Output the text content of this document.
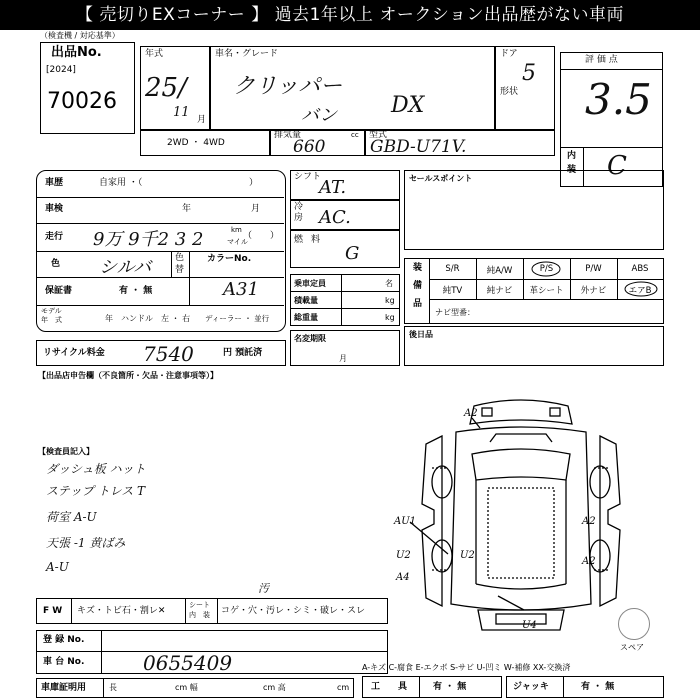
【 売切りEXコーナー 】 過去1年以上 オークション出品歴がない車両
（検査機 / 対応基準）
出品No.
[2024]
70026
年式
25/
11 月
車名・グレード
クリッパー
バン DX
ドア
5
形状
評 価 点
3.5
内
装 C
2WD ・ 4WD
排気量	cc
660
型式
GBD-U71V.
車歴	自家用 ・（	）
車検	年	月
走行 9万 9千2 3 2	km
マイル
（　　）
色 シルバ	色
替
カラーNo.
保証書	有 ・ 無	A31
モデル
年　式	年 ハンドル　左 ・ 右 ディーラー ・ 並行
リサイクル料金 7540	円 預託済
【出品店申告欄（不良箇所・欠品・注意事項等）】
【検査員記入】
ダッシュ板 ハット
ステップ トレス T
荷室 A-U
天張 -1 黄ばみ
A-U
シフト
AT.
冷
房 AC.
燃 料
G
乗車定員	名
積載量	kg
総重量	kg
名変期限
月
セールスポイント
装
備
品
S/R	純A/W	P/S	P/W	ABS
純TV	純ナビ	革シート	外ナビ	エアB
ナビ型番：
後日品
A2
AU1	A2
U2	U2
A4
A2
U4
スペア
F W キズ・トビ石・割レ✕
シート
内　装 コゲ・穴・汚レ・シミ・破レ・スレ
汚
登 録 No.
車 台 No.	0655409
車庫証明用	長	cm 幅	cm 高	cm
A-キズ C-腐食 E-エクボ S-サビ U-凹ミ W-補修 XX-交換済
工　　具	有 ・ 無	ジャッキ	有 ・ 無
